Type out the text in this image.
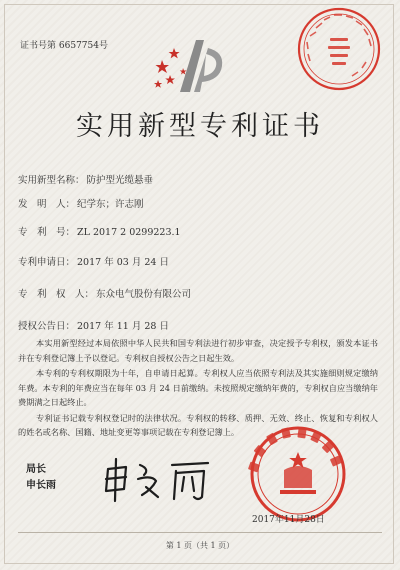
证书号第 6657754号
实用新型专利证书
实用新型名称： 防护型光缆悬垂
发　明　人： 纪学东；许志刚
专　利　号： ZL 2017 2 0299223.1
专利申请日： 2017 年 03 月 24 日
专　利　权　人： 东众电气股份有限公司
授权公告日： 2017 年 11 月 28 日

本实用新型经过本局依照中华人民共和国专利法进行初步审查，决定授予专利权，颁发本证书并在专利登记簿上予以登记。专利权自授权公告之日起生效。

本专利的专利权期限为十年，自申请日起算。专利权人应当依照专利法及其实施细则规定缴纳年费。本专利的年费应当在每年 03 月 24 日前缴纳。未按照规定缴纳年费的，专利权自应当缴纳年费期满之日起终止。

专利证书记载专利权登记时的法律状况。专利权的转移、质押、无效、终止、恢复和专利权人的姓名或名称、国籍、地址变更等事项记载在专利登记簿上。

局长
申长雨
2017年11月28日
第 1 页（共 1 页）
